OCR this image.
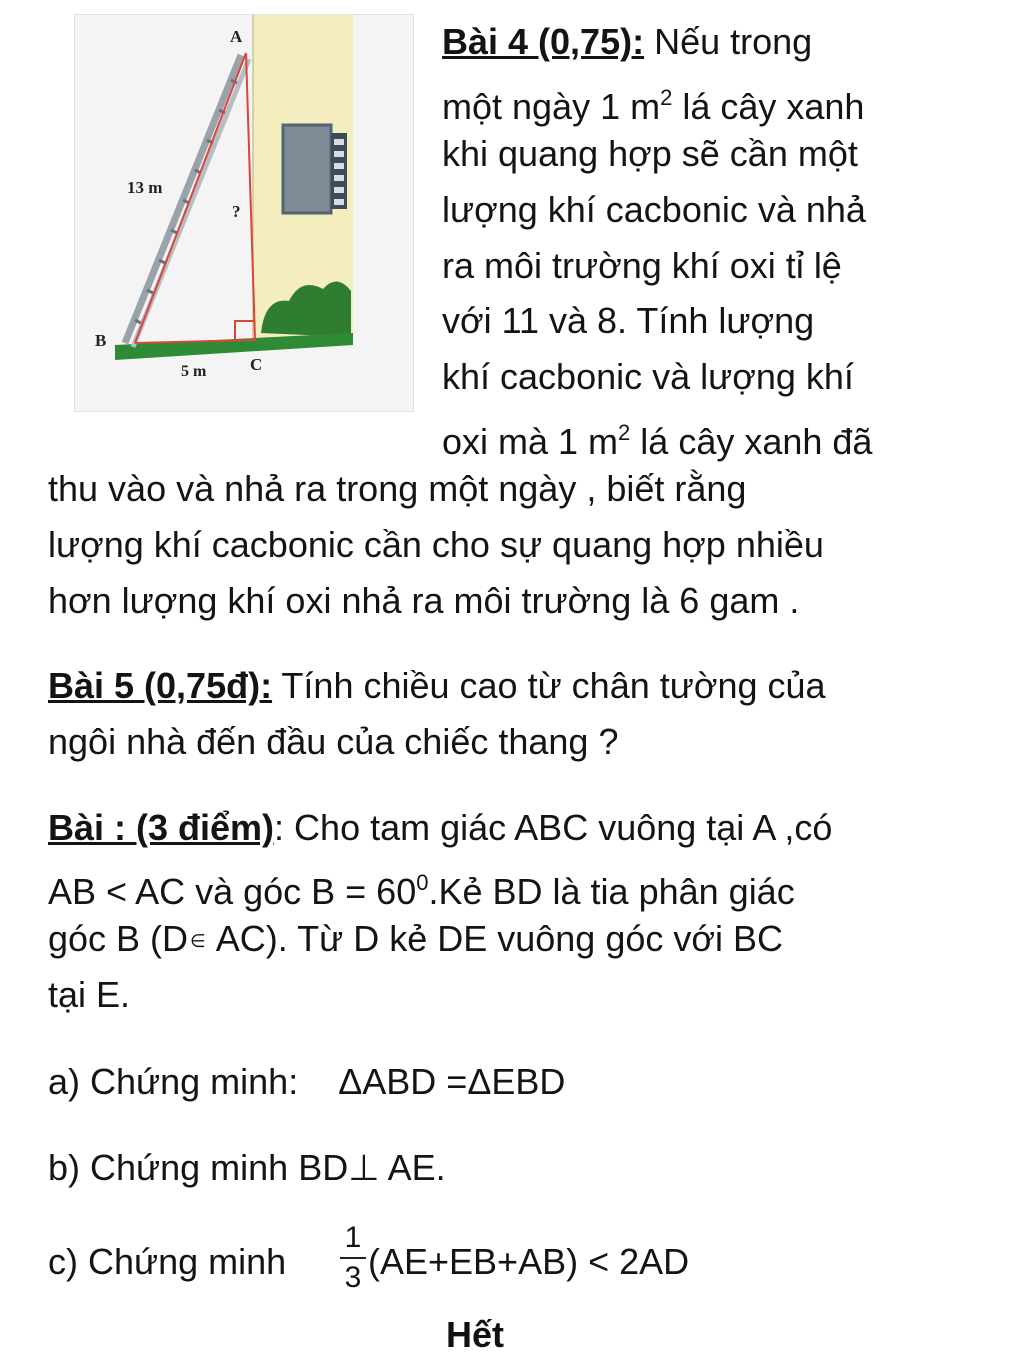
A
B
C
13 m
?
5 m
Bài 4 (0,75): Nếu trong
một ngày 1 $m^2$ lá cây xanh
khi quang hợp sẽ cần một
lượng khí cacbonic và nhả
ra môi trường khí oxi tỉ lệ
với 11 và 8. Tính lượng
khí cacbonic và lượng khí
oxi mà 1 $m^2$ lá cây xanh đã
thu vào và nhả ra trong một ngày , biết rằng
lượng khí cacbonic cần cho sự quang hợp nhiều
hơn lượng khí oxi nhả ra môi trường là 6 gam .
Bài 5 (0,75đ): Tính chiều cao từ chân tường của
ngôi nhà đến đầu của chiếc thang ?
Bài : (3 điểm): Cho tam giác ABC vuông tại A ,có
AB < AC và góc $B = 60^0.Kẻ$ BD là tia phân giác
góc B (D ∈ AC). Từ D kẻ DE vuông góc với BC
tại E.
a) Chứng minh: ΔABD =ΔEBD
b) Chứng minh BD⊥ AE.
c) Chứng minh
1
3 (AE+EB+AB) < 2AD
Hết
